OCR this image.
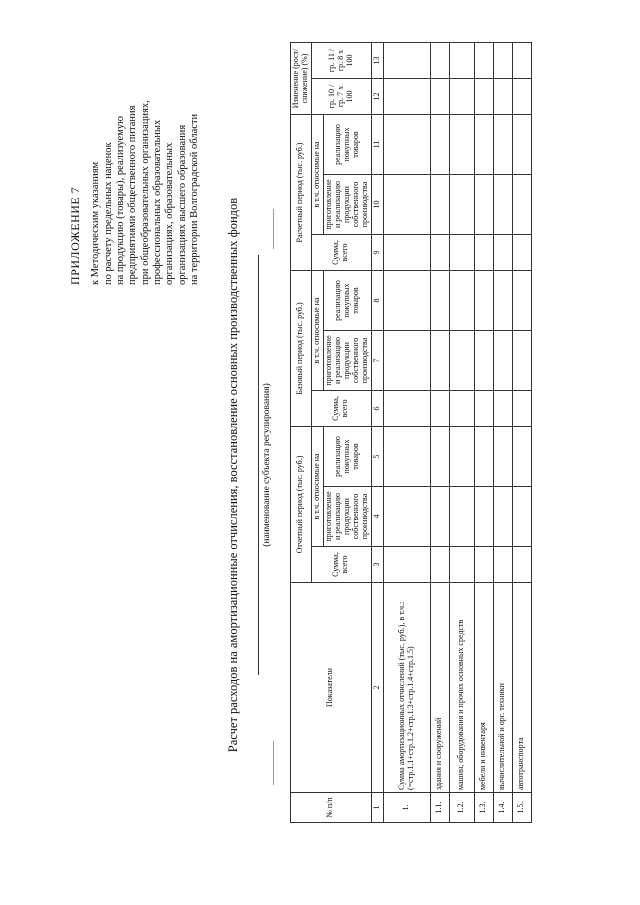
ПРИЛОЖЕНИЕ 7 к Методическим указаниям по расчету предельных наценок на продукцию (товары), реализуемую предприятиями общественного питания при общеобразовательных организациях, профессиональных образовательных организациях, образовательных организациях высшего образования на территории Волгоградской области Расчет расходов на амортизационные отчисления, восстановление основных производственных фондов (наименование субъекта регулирования)
№ п/п	Показатели	Отчетный период (тыс. руб.)			Базовый период (тыс. руб.)			Расчетный период (тыс. руб.)			Изменение (рост/снижение) (%)	
		Сумма, всего	в т.ч. относимые на		Сумма, всего	в т.ч. относимые на		Сумма, всего	в т.ч. относимые на		гр. 10 / гр. 7 х 100	гр. 11 / гр. 8 х 100
			приготовление и реализацию продукции собственного производства	реализацию покупных товаров		приготовление и реализацию продукции собственного производства	реализацию покупных товаров		приготовление и реализацию продукции собственного производства	реализацию покупных товаров		
1	2	3	4	5	6	7	8	9	10	11	12	13
1.	Сумма амортизационных отчислений (тыс. руб.), в т.ч.: (=стр.1.1+стр.1.2+стр.1.3+стр.1.4+стр.1.5)											
1.1.	здания и сооружений											
1.2.	машин, оборудования и прочих основных средств											
1.3.	мебели и инвентаря											
1.4.	вычислительной и орг. техники											
1.5.	автотранспорта											
